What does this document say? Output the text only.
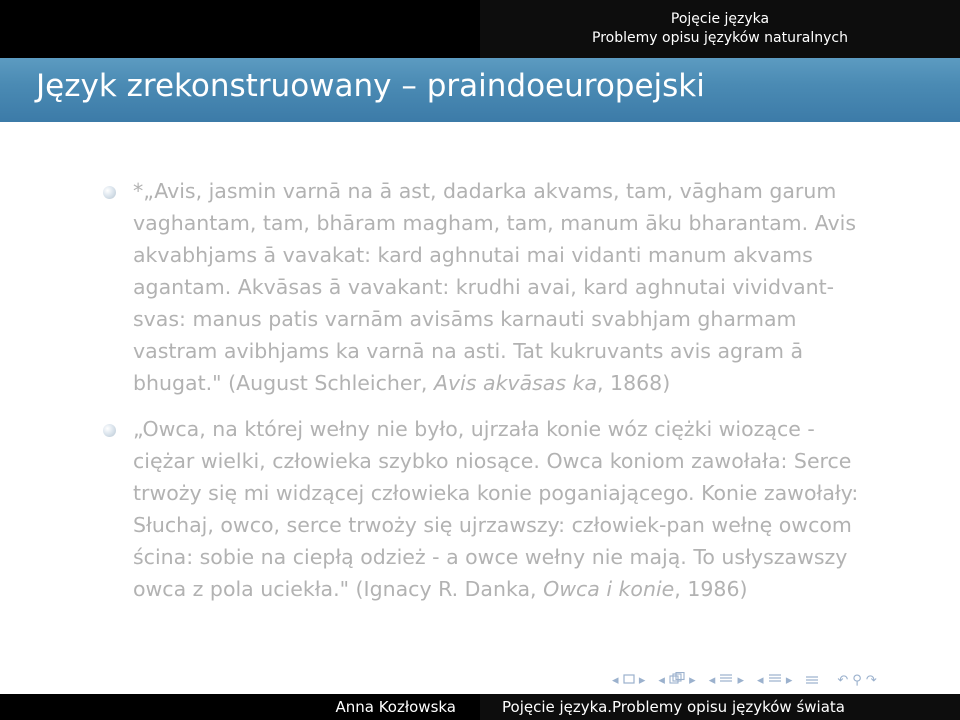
Pojęcie języka
Problemy opisu języków naturalnych
Język zrekonstruowany – praindoeuropejski
*„Avis, jasmin varnā na ā ast, dadarka akvams, tam, vāgham garum vaghantam, tam, bhāram magham, tam, manum āku bharantam. Avis akvabhjams ā vavakat: kard aghnutai mai vidanti manum akvams agantam. Akvāsas ā vavakant: krudhi avai, kard aghnutai vividvant-svas: manus patis varnām avisāms karnauti svabhjam gharmam vastram avibhjams ka varnā na asti. Tat kukruvants avis agram ā bhugat." (August Schleicher, Avis akvāsas ka, 1868)
„Owca, na której wełny nie było, ujrzała konie wóz ciężki wiozące - ciężar wielki, człowieka szybko niosące. Owca koniom zawołała: Serce trwoży się mi widzącej człowieka konie poganiającego. Konie zawołały: Słuchaj, owco, serce trwoży się ujrzawszy: człowiek-pan wełnę owcom ścina: sobie na ciepłą odzież - a owce wełny nie mają. To usłyszawszy owca z pola uciekła." (Ignacy R. Danka, Owca i konie, 1986)
◂ ▸ ◂ ▸ ◂ ▸ ◂ ▸	↶ ⚲ ↷
Anna Kozłowska	Pojęcie języka.Problemy opisu języków świata
